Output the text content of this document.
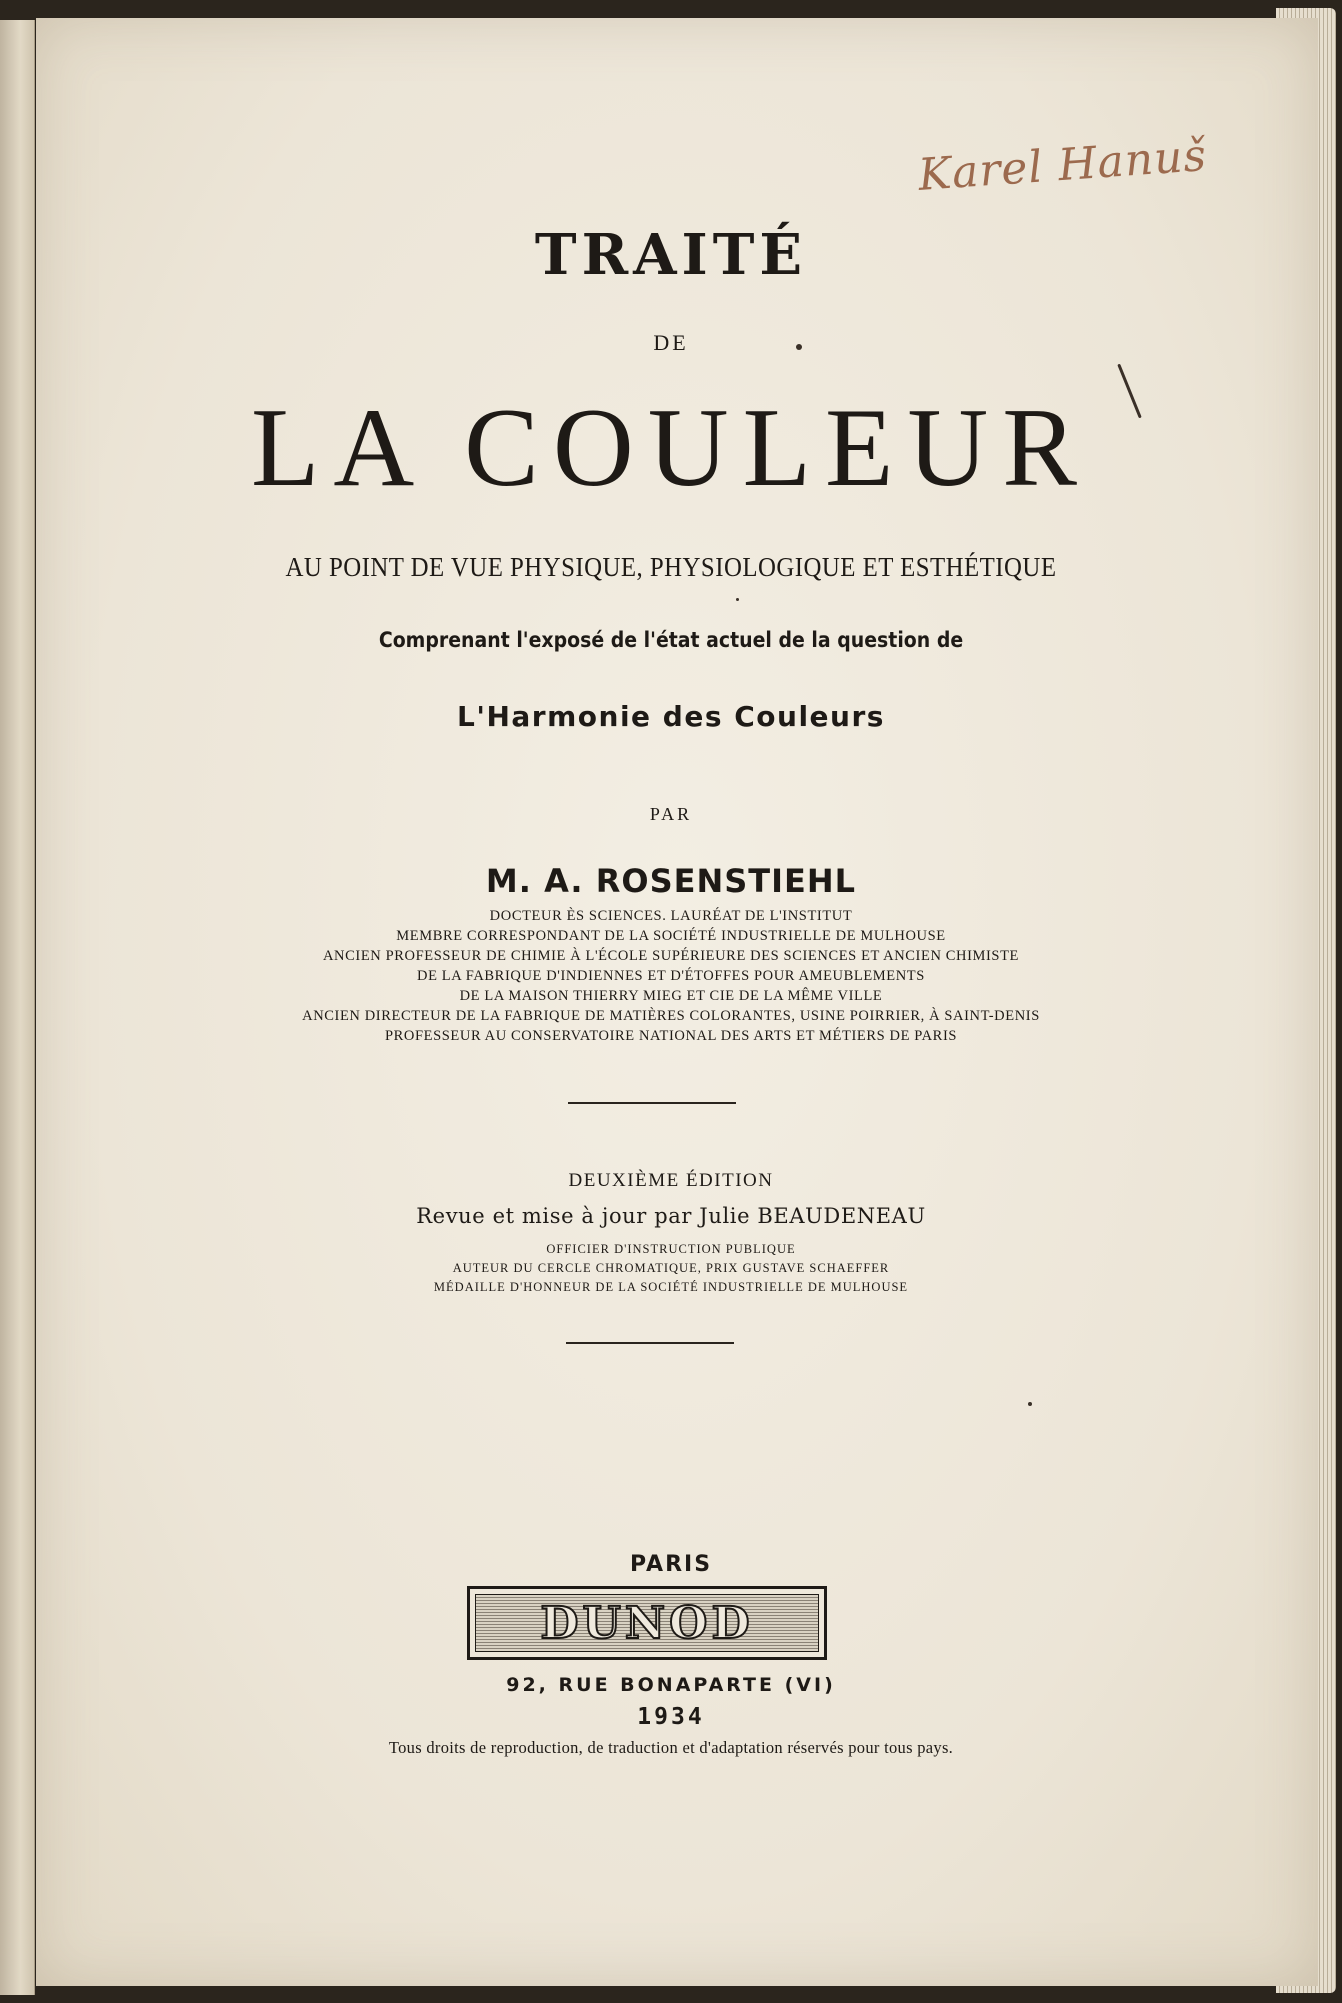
Karel Hanuš
TRAITÉ
DE
LA COULEUR
AU POINT DE VUE PHYSIQUE, PHYSIOLOGIQUE ET ESTHÉTIQUE
Comprenant l'exposé de l'état actuel de la question de
L'Harmonie des Couleurs
PAR
M. A. ROSENSTIEHL
DOCTEUR ÈS SCIENCES. LAURÉAT DE L'INSTITUT
MEMBRE CORRESPONDANT DE LA SOCIÉTÉ INDUSTRIELLE DE MULHOUSE
ANCIEN PROFESSEUR DE CHIMIE À L'ÉCOLE SUPÉRIEURE DES SCIENCES ET ANCIEN CHIMISTE
DE LA FABRIQUE D'INDIENNES ET D'ÉTOFFES POUR AMEUBLEMENTS
DE LA MAISON THIERRY MIEG ET CIE DE LA MÊME VILLE
ANCIEN DIRECTEUR DE LA FABRIQUE DE MATIÈRES COLORANTES, USINE POIRRIER, À SAINT-DENIS
PROFESSEUR AU CONSERVATOIRE NATIONAL DES ARTS ET MÉTIERS DE PARIS
DEUXIÈME ÉDITION
Revue et mise à jour par Julie BEAUDENEAU
OFFICIER D'INSTRUCTION PUBLIQUE
AUTEUR DU CERCLE CHROMATIQUE, PRIX GUSTAVE SCHAEFFER
MÉDAILLE D'HONNEUR DE LA SOCIÉTÉ INDUSTRIELLE DE MULHOUSE
PARIS
DUNOD
92, RUE BONAPARTE (VI)
1934
Tous droits de reproduction, de traduction et d'adaptation réservés pour tous pays.
